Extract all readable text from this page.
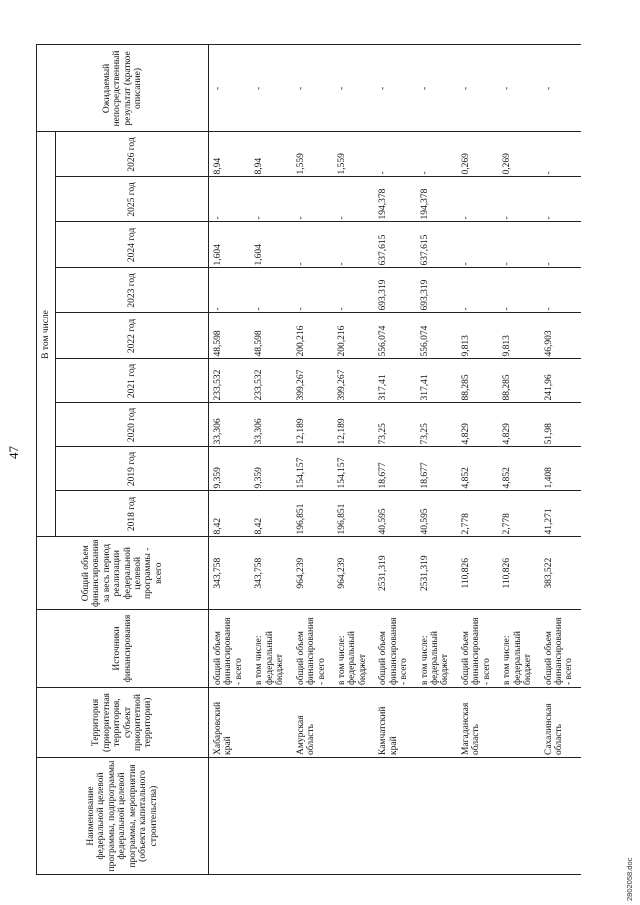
47
Наименование федеральной целевой программы, подпрограммы федеральной целевой программы, мероприятия (объекта капитального строительства)	Территория (приоритетная территория, субъект приоритетной территории)	Источники финансирования	Общий объем финансирования за весь период реализации федеральной целевой программы - всего	В том числе									Ожидаемый непосредственный результат (краткое описание)
				2018 год	2019 год	2020 год	2021 год	2022 год	2023 год	2024 год	2025 год	2026 год	
	Хабаровский край	общий объем финансирования - всего	343,758	8,42	9,359	33,306	233,532	48,598	-	1,604	-	8,94	-
		в том числе: федеральный бюджет	343,758	8,42	9,359	33,306	233,532	48,598	-	1,604	-	8,94	-
	Амурская область	общий объем финансирования - всего	964,239	196,851	154,157	12,189	399,267	200,216	-	-	-	1,559	-
		в том числе: федеральный бюджет	964,239	196,851	154,157	12,189	399,267	200,216	-	-	-	1,559	-
	Камчатский край	общий объем финансирования - всего	2531,319	40,595	18,677	73,25	317,41	556,074	693,319	637,615	194,378	-	-
		в том числе: федеральный бюджет	2531,319	40,595	18,677	73,25	317,41	556,074	693,319	637,615	194,378	-	-
	Магаданская область	общий объем финансирования - всего	110,826	2,778	4,852	4,829	88,285	9,813	-	-	-	0,269	-
		в том числе: федеральный бюджет	110,826	2,778	4,852	4,829	88,285	9,813	-	-	-	0,269	-
	Сахалинская область	общий объем финансирования - всего	383,522	41,271	1,408	51,98	241,96	46,903	-	-	-	-	-
2802058.doc
